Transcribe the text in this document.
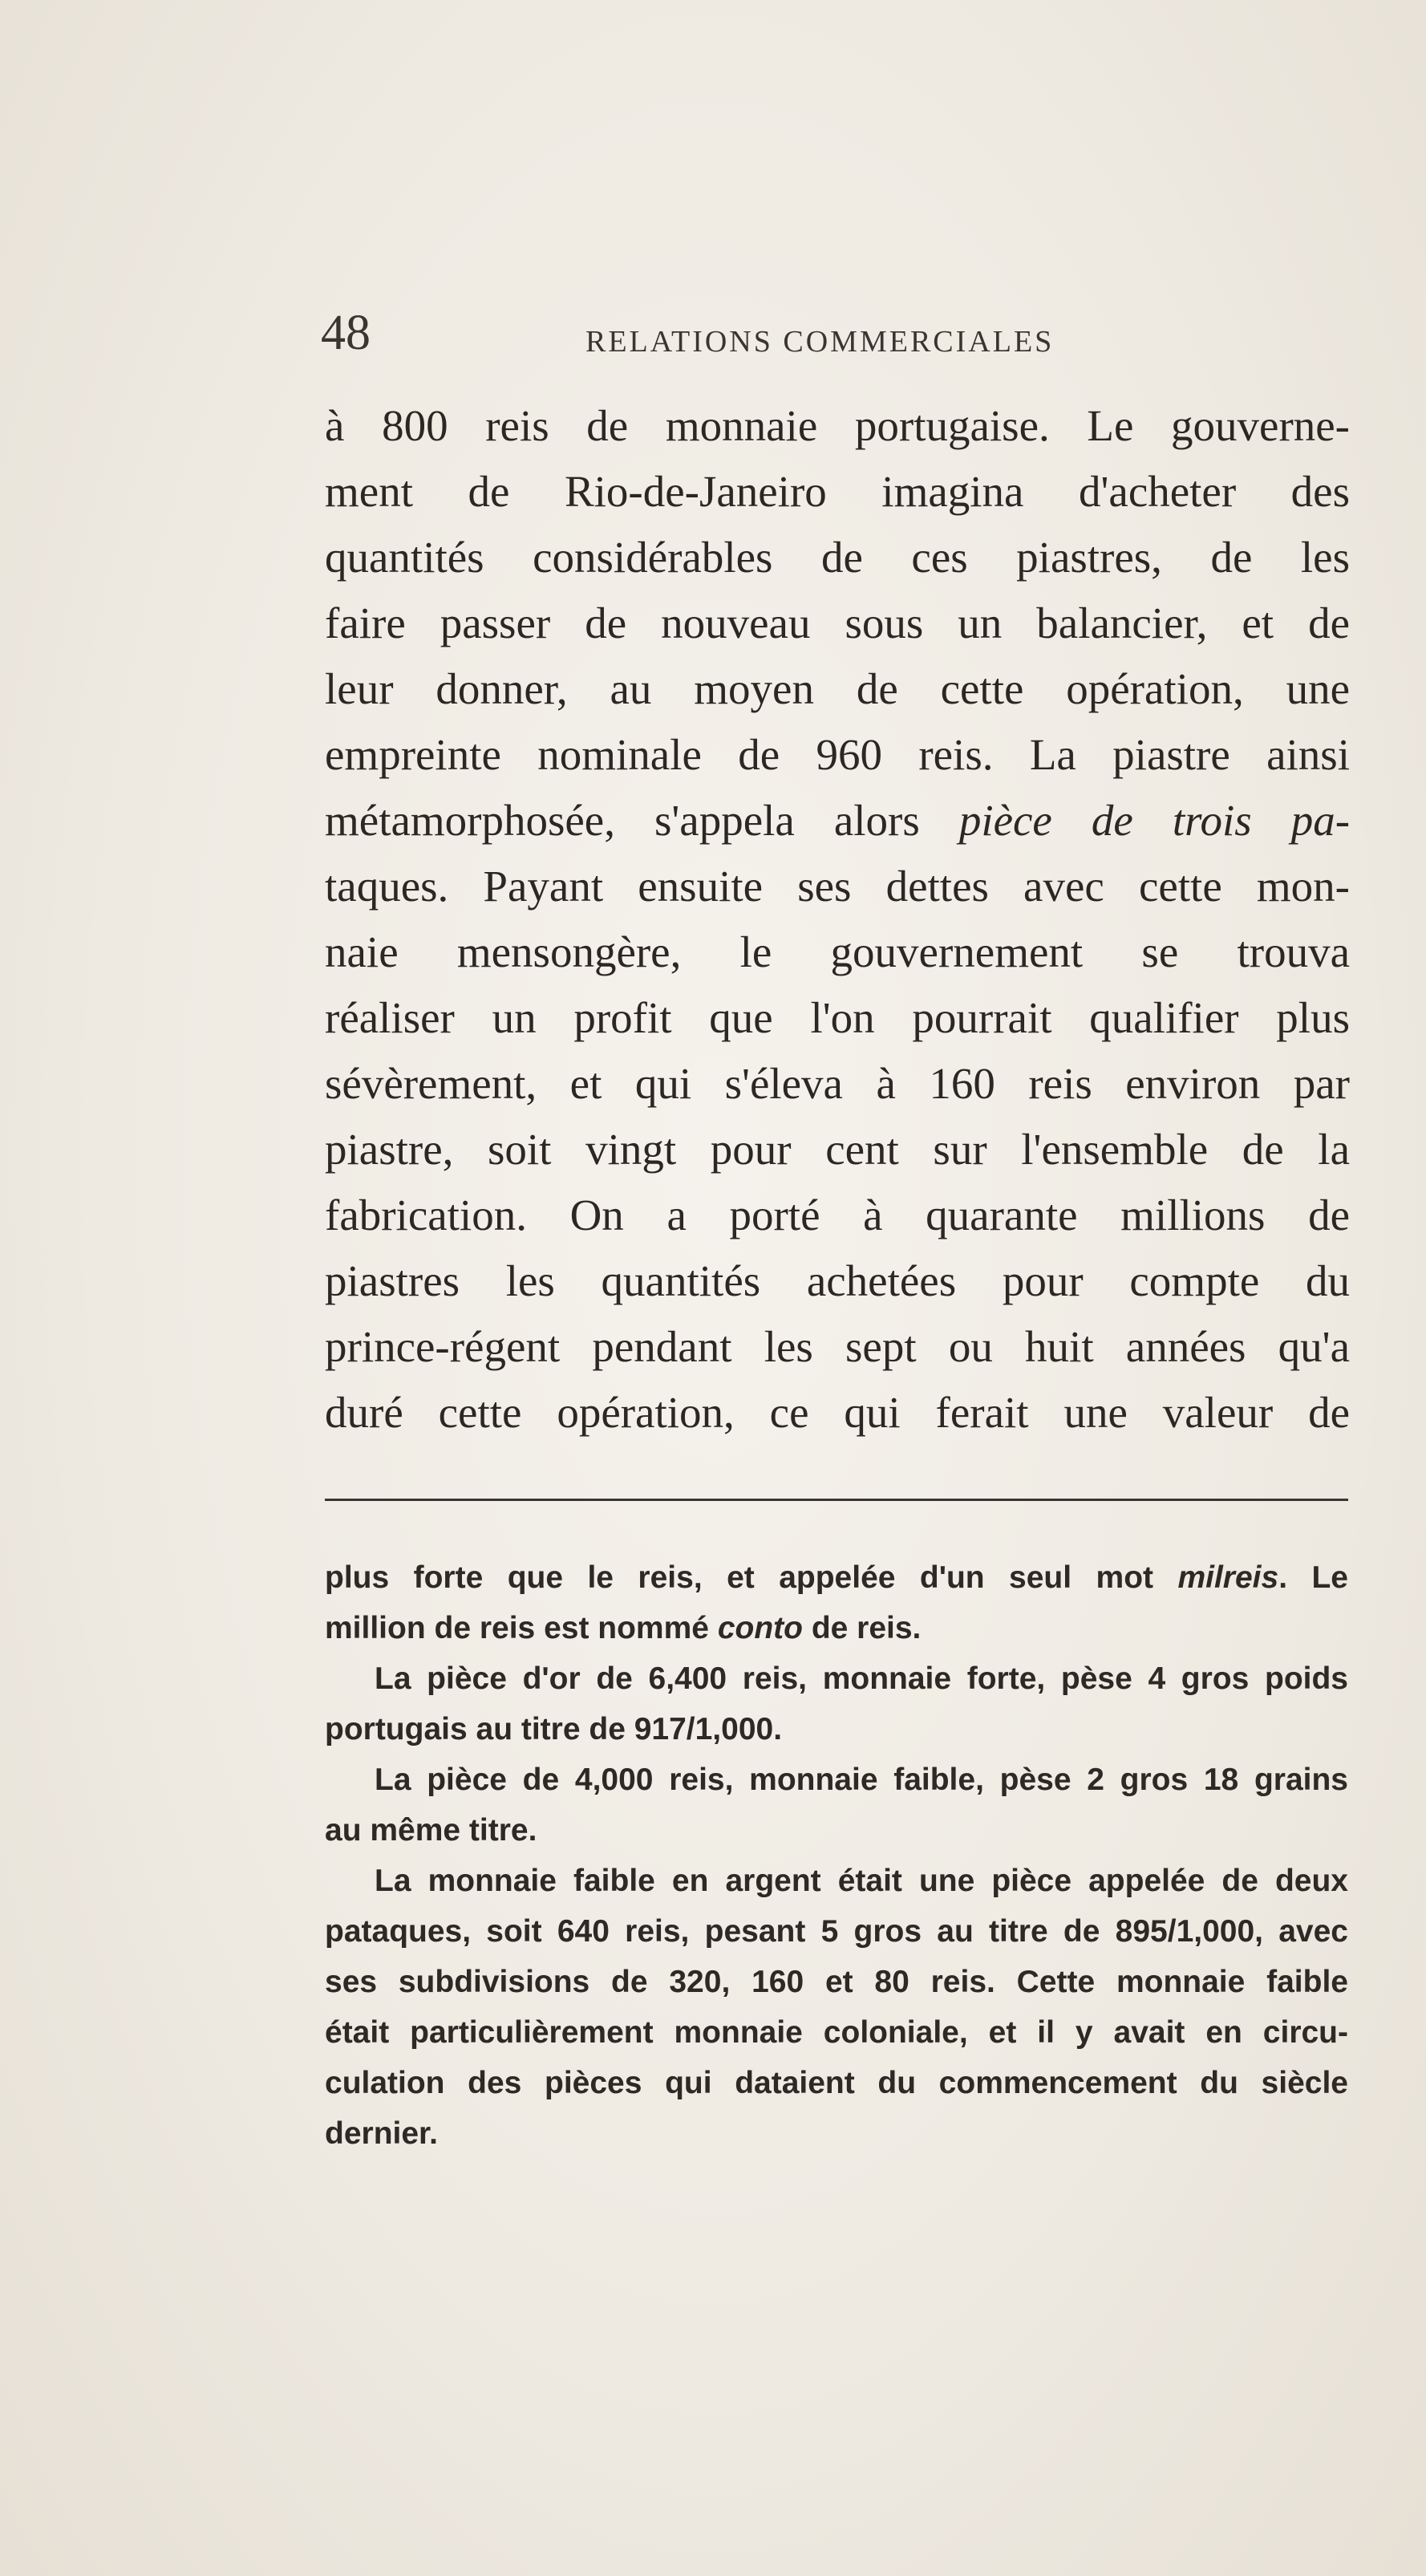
48	RELATIONS COMMERCIALES
à 800 reis de monnaie portugaise. Le gouverne-
ment de Rio-de-Janeiro imagina d'acheter des
quantités considérables de ces piastres, de les
faire passer de nouveau sous un balancier, et de
leur donner, au moyen de cette opération, une
empreinte nominale de 960 reis. La piastre ainsi
métamorphosée, s'appela alors pièce de trois pa-
taques. Payant ensuite ses dettes avec cette mon-
naie mensongère, le gouvernement se trouva
réaliser un profit que l'on pourrait qualifier plus
sévèrement, et qui s'éleva à 160 reis environ par
piastre, soit vingt pour cent sur l'ensemble de la
fabrication. On a porté à quarante millions de
piastres les quantités achetées pour compte du
prince-régent pendant les sept ou huit années qu'a
duré cette opération, ce qui ferait une valeur de
plus forte que le reis, et appelée d'un seul mot milreis. Le
million de reis est nommé conto de reis.
La pièce d'or de 6,400 reis, monnaie forte, pèse 4 gros poids
portugais au titre de 917/1,000.
La pièce de 4,000 reis, monnaie faible, pèse 2 gros 18 grains
au même titre.
La monnaie faible en argent était une pièce appelée de deux
pataques, soit 640 reis, pesant 5 gros au titre de 895/1,000, avec
ses subdivisions de 320, 160 et 80 reis. Cette monnaie faible
était particulièrement monnaie coloniale, et il y avait en circu-
culation des pièces qui dataient du commencement du siècle
dernier.
